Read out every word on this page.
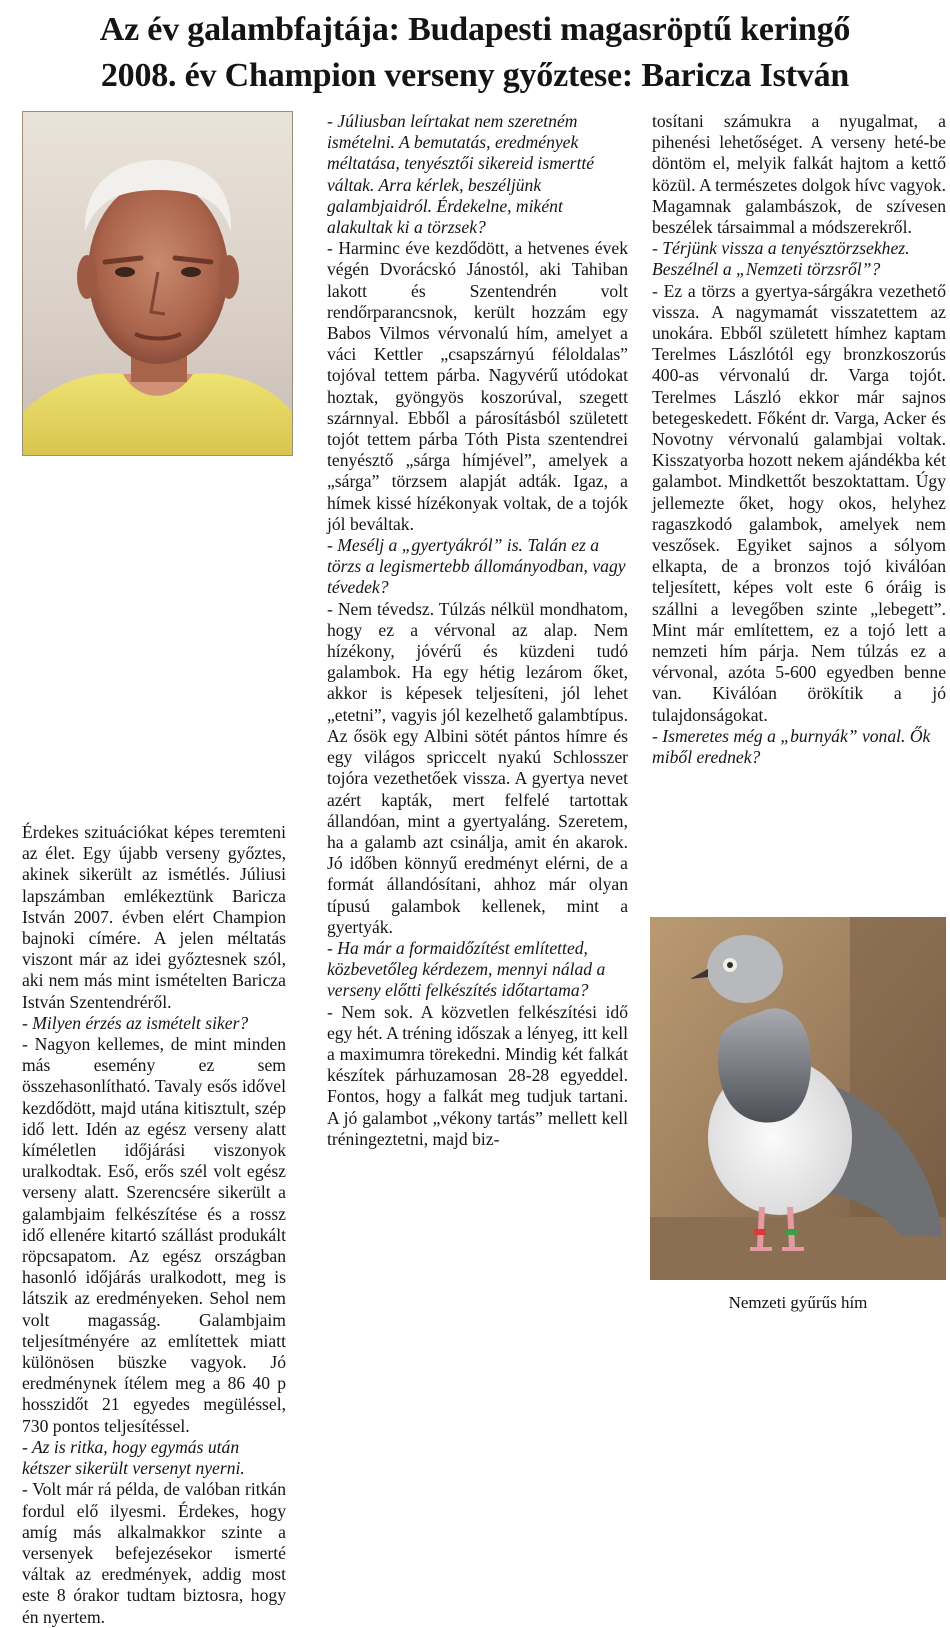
Az év galambfajtája: Budapesti magasröptű keringő
2008. év Champion verseny győztese: Baricza István

Érdekes szituációkat képes teremteni az élet. Egy újabb verseny győztes, akinek sikerült az ismétlés. Júliusi lapszámban emlékeztünk Baricza István 2007. évben elért Champion bajnoki címére. A jelen méltatás viszont már az idei győztesnek szól, aki nem más mint ismételten Baricza István Szentendréről.

- Milyen érzés az ismételt siker?

- Nagyon kellemes, de mint minden más esemény ez sem összehasonlítható. Tavaly esős idővel kezdődött, majd utána kitisztult, szép idő lett. Idén az egész verseny alatt kíméletlen időjárási viszonyok uralkodtak. Eső, erős szél volt egész verseny alatt. Szerencsére sikerült a galambjaim felkészítése és a rossz idő ellenére kitartó szállást produkált röpcsapatom. Az egész országban hasonló időjárás uralkodott, meg is látszik az eredményeken. Sehol nem volt magasság. Galambjaim teljesítményére az említettek miatt különösen büszke vagyok. Jó eredménynek ítélem meg a 86 40 p hosszidőt 21 egyedes megüléssel, 730 pontos teljesítéssel.

- Az is ritka, hogy egymás után kétszer sikerült versenyt nyerni.

- Volt már rá példa, de valóban ritkán fordul elő ilyesmi. Érdekes, hogy amíg más alkalmakkor szinte a versenyek befejezésekor ismerté váltak az eredmények, addig most este 8 órakor tudtam biztosra, hogy én nyertem.

- Júliusban leírtakat nem szeretném ismételni. A bemutatás, eredmények méltatása, tenyésztői sikereid ismertté váltak. Arra kérlek, beszéljünk galambjaidról. Érdekelne, miként alakultak ki a törzsek?

- Harminc éve kezdődött, a hetvenes évek végén Dvorácskó Jánostól, aki Tahiban lakott és Szentendrén volt rendőrparancsnok, került hozzám egy Babos Vilmos vérvonalú hím, amelyet a váci Kettler „csapszárnyú féloldalas” tojóval tettem párba. Nagyvérű utódokat hoztak, gyöngyös koszorúval, szegett szárnnyal. Ebből a párosításból született tojót tettem párba Tóth Pista szentendrei tenyésztő „sárga hímjével”, amelyek a „sárga” törzsem alapját adták. Igaz, a hímek kissé hízékonyak voltak, de a tojók jól beváltak.

- Mesélj a „gyertyákról” is. Talán ez a törzs a legismertebb állományodban, vagy tévedek?

- Nem tévedsz. Túlzás nélkül mondhatom, hogy ez a vérvonal az alap. Nem hízékony, jóvérű és küzdeni tudó galambok. Ha egy hétig lezárom őket, akkor is képesek teljesíteni, jól lehet „etetni”, vagyis jól kezelhető galambtípus. Az ősök egy Albini sötét pántos hímre és egy világos spriccelt nyakú Schlosszer tojóra vezethetőek vissza. A gyertya nevet azért kapták, mert felfelé tartottak állandóan, mint a gyertyaláng. Szeretem, ha a galamb azt csinálja, amit én akarok. Jó időben könnyű eredményt elérni, de a formát állandósítani, ahhoz már olyan típusú galambok kellenek, mint a gyertyák.

- Ha már a formaidőzítést említetted, közbevetőleg kérdezem, mennyi nálad a verseny előtti felkészítés időtartama?

- Nem sok. A közvetlen felkészítési idő egy hét. A tréning időszak a lényeg, itt kell a maximumra törekedni. Mindig két falkát készítek párhuzamosan 28-28 egyeddel. Fontos, hogy a falkát meg tudjuk tartani. A jó galambot „vékony tartás” mellett kell tréningeztetni, majd biz-

tosítani számukra a nyugalmat, a pihenési lehetőséget. A verseny heté-be döntöm el, melyik falkát hajtom a kettő közül. A természetes dolgok hívc vagyok. Magamnak galambászok, de szívesen beszélek társaimmal a módszerekről.

- Térjünk vissza a tenyésztörzsekhez. Beszélnél a „Nemzeti törzsről”?

- Ez a törzs a gyertya-sárgákra vezethető vissza. A nagymamát visszatettem az unokára. Ebből született hímhez kaptam Terelmes Lászlótól egy bronzkoszorús 400-as vérvonalú dr. Varga tojót. Terelmes László ekkor már sajnos betegeskedett. Főként dr. Varga, Acker és Novotny vérvonalú galambjai voltak. Kisszatyorba hozott nekem ajándékba két galambot. Mindkettőt beszoktattam. Úgy jellemezte őket, hogy okos, helyhez ragaszkodó galambok, amelyek nem veszősek. Egyiket sajnos a sólyom elkapta, de a bronzos tojó kiválóan teljesített, képes volt este 6 óráig is szállni a levegőben szinte „lebegett”. Mint már említettem, ez a tojó lett a nemzeti hím párja. Nem túlzás ez a vérvonal, azóta 5-600 egyedben benne van. Kiválóan örökítik a jó tulajdonságokat.

- Ismeretes még a „burnyák” vonal. Ők miből erednek?

Nemzeti gyűrűs hím
